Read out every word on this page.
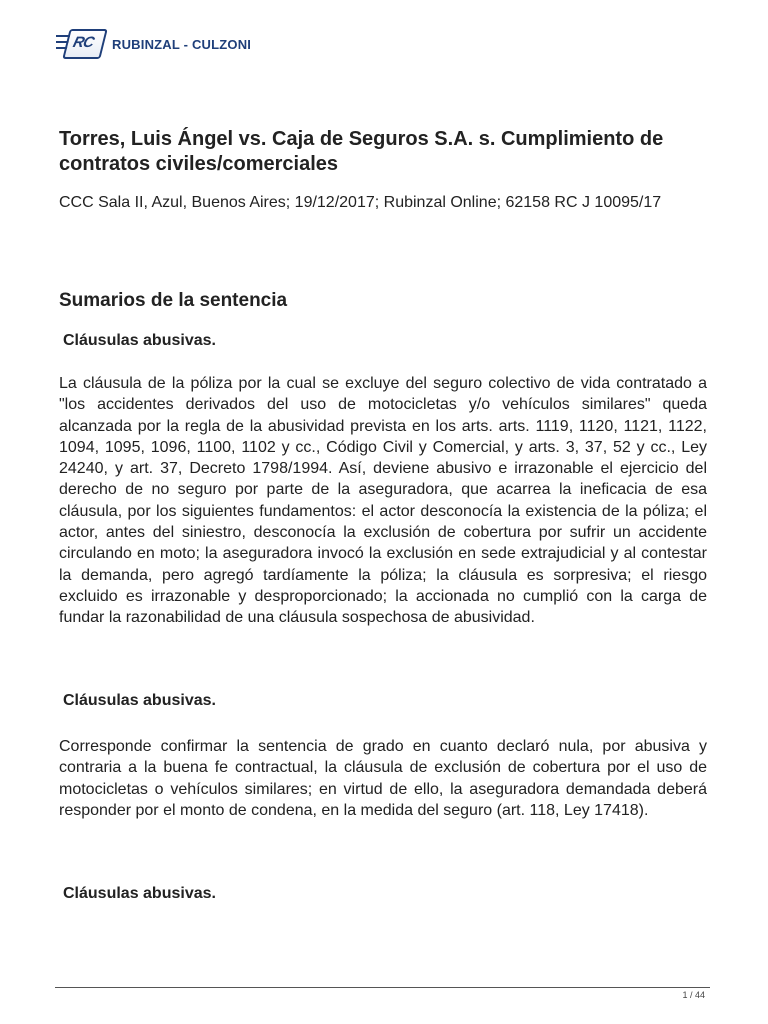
RC RUBINZAL - CULZONI
Torres, Luis Ángel vs. Caja de Seguros S.A. s. Cumplimiento de contratos civiles/comerciales

CCC Sala II, Azul, Buenos Aires; 19/12/2017; Rubinzal Online; 62158 RC J 10095/17

Sumarios de la sentencia
Cláusulas abusivas.

La cláusula de la póliza por la cual se excluye del seguro colectivo de vida contratado a "los accidentes derivados del uso de motocicletas y/o vehículos similares" queda alcanzada por la regla de la abusividad prevista en los arts. arts. 1119, 1120, 1121, 1122, 1094, 1095, 1096, 1100, 1102 y cc., Código Civil y Comercial, y arts. 3, 37, 52 y cc., Ley 24240, y art. 37, Decreto 1798/1994. Así, deviene abusivo e irrazonable el ejercicio del derecho de no seguro por parte de la aseguradora, que acarrea la ineficacia de esa cláusula, por los siguientes fundamentos: el actor desconocía la existencia de la póliza; el actor, antes del siniestro, desconocía la exclusión de cobertura por sufrir un accidente circulando en moto; la aseguradora invocó la exclusión en sede extrajudicial y al contestar la demanda, pero agregó tardíamente la póliza; la cláusula es sorpresiva; el riesgo excluido es irrazonable y desproporcionado; la accionada no cumplió con la carga de fundar la razonabilidad de una cláusula sospechosa de abusividad.

Cláusulas abusivas.

Corresponde confirmar la sentencia de grado en cuanto declaró nula, por abusiva y contraria a la buena fe contractual, la cláusula de exclusión de cobertura por el uso de motocicletas o vehículos similares; en virtud de ello, la aseguradora demandada deberá responder por el monto de condena, en la medida del seguro (art. 118, Ley 17418).

Cláusulas abusivas.
1 / 44
